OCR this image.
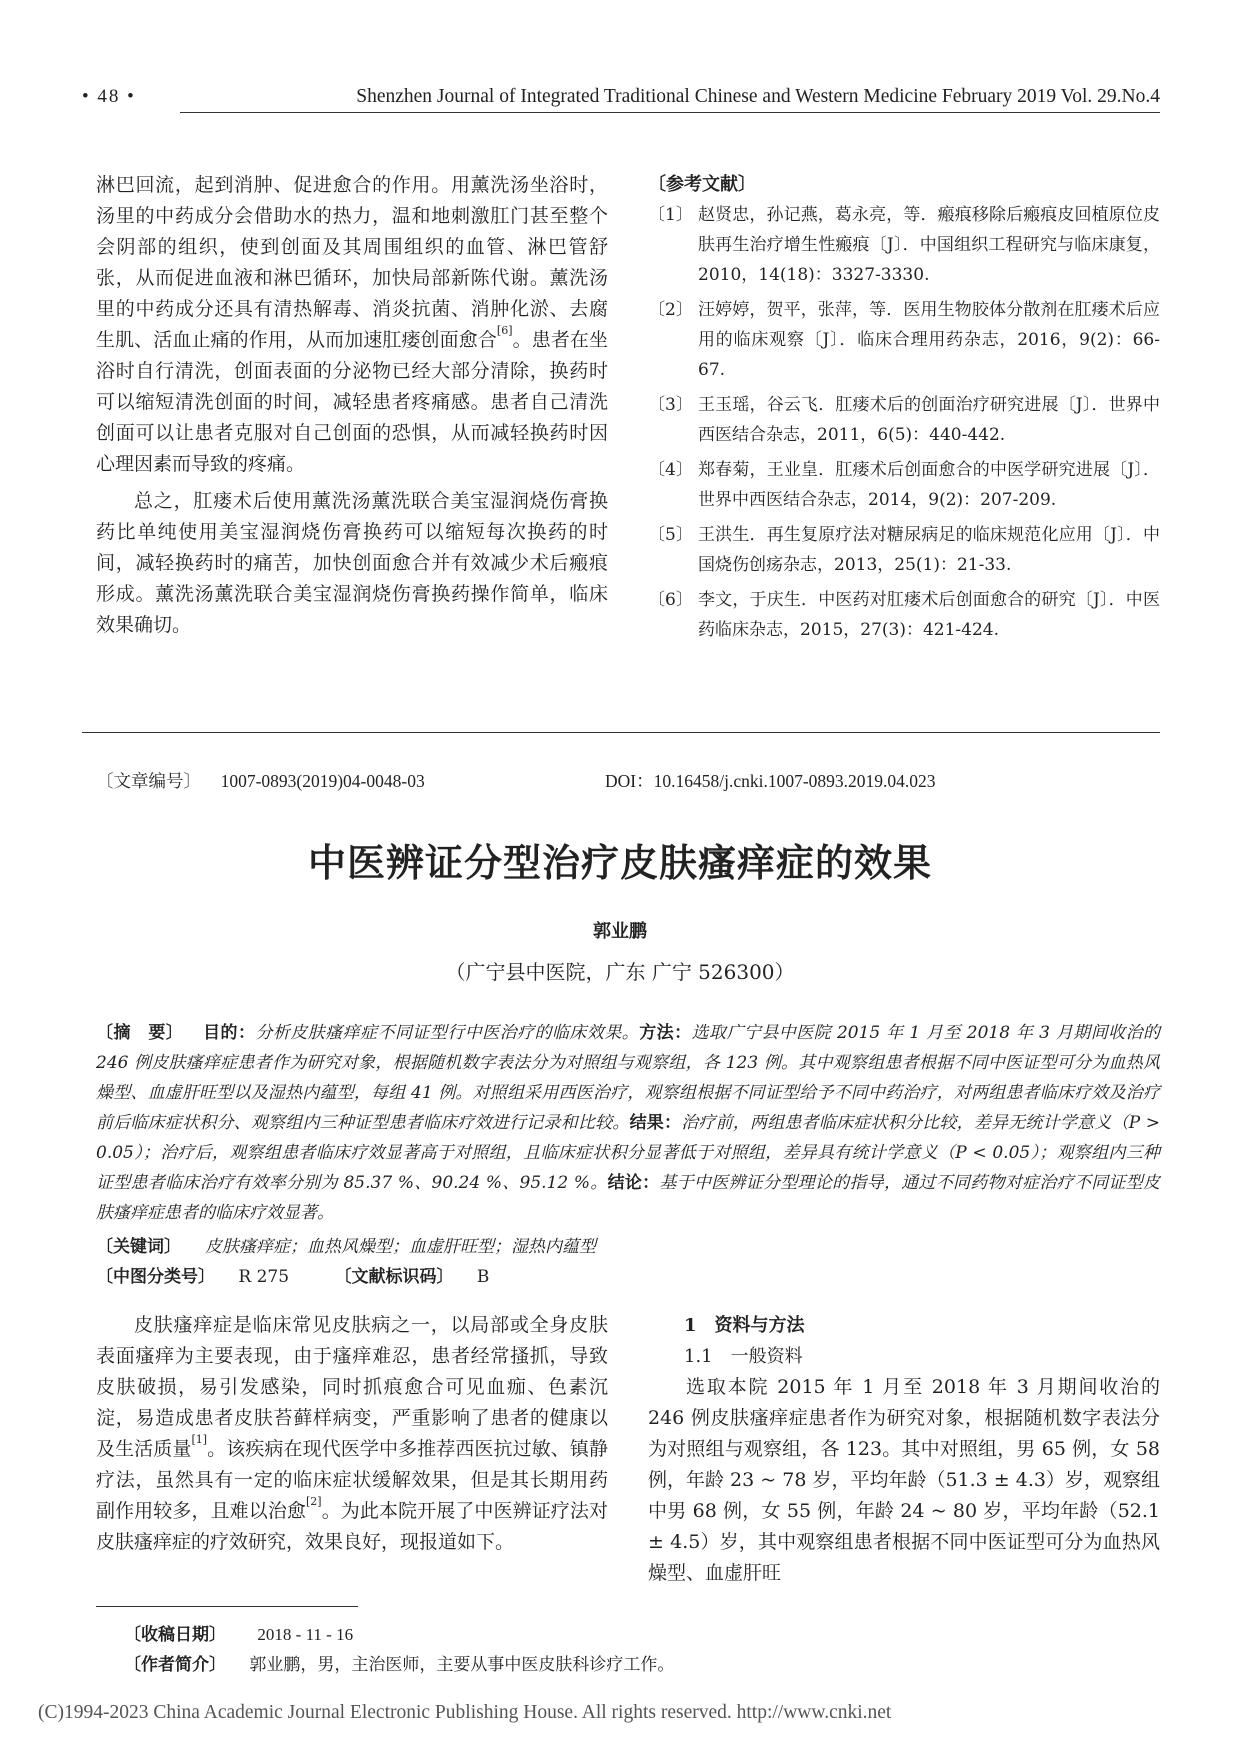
• 48 •	Shenzhen Journal of Integrated Traditional Chinese and Western Medicine February 2019 Vol. 29.No.4

淋巴回流，起到消肿、促进愈合的作用。用薰洗汤坐浴时，汤里的中药成分会借助水的热力，温和地刺激肛门甚至整个会阴部的组织，使到创面及其周围组织的血管、淋巴管舒张，从而促进血液和淋巴循环，加快局部新陈代谢。薰洗汤里的中药成分还具有清热解毒、消炎抗菌、消肿化淤、去腐生肌、活血止痛的作用，从而加速肛瘘创面愈合[6]。患者在坐浴时自行清洗，创面表面的分泌物已经大部分清除，换药时可以缩短清洗创面的时间，减轻患者疼痛感。患者自己清洗创面可以让患者克服对自己创面的恐惧，从而减轻换药时因心理因素而导致的疼痛。

总之，肛瘘术后使用薰洗汤薰洗联合美宝湿润烧伤膏换药比单纯使用美宝湿润烧伤膏换药可以缩短每次换药的时间，减轻换药时的痛苦，加快创面愈合并有效减少术后瘢痕形成。薰洗汤薰洗联合美宝湿润烧伤膏换药操作简单，临床效果确切。

〔参考文献〕
〔1〕 赵贤忠，孙记燕，葛永亮，等．瘢痕移除后瘢痕皮回植原位皮肤再生治疗增生性瘢痕〔J〕．中国组织工程研究与临床康复，2010，14(18)：3327-3330.
〔2〕 汪婷婷，贺平，张萍，等．医用生物胶体分散剂在肛瘘术后应用的临床观察〔J〕．临床合理用药杂志，2016，9(2)：66-67.
〔3〕 王玉瑶，谷云飞．肛瘘术后的创面治疗研究进展〔J〕．世界中西医结合杂志，2011，6(5)：440-442.
〔4〕 郑春菊，王业皇．肛瘘术后创面愈合的中医学研究进展〔J〕．世界中西医结合杂志，2014，9(2)：207-209.
〔5〕 王洪生．再生复原疗法对糖尿病足的临床规范化应用〔J〕．中国烧伤创疡杂志，2013，25(1)：21-33.
〔6〕 李文，于庆生．中医药对肛瘘术后创面愈合的研究〔J〕．中医药临床杂志，2015，27(3)：421-424.
〔文章编号〕 1007-0893(2019)04-0048-03	DOI：10.16458/j.cnki.1007-0893.2019.04.023
中医辨证分型治疗皮肤瘙痒症的效果
郭业鹏
（广宁县中医院，广东 广宁 526300）
〔摘　要〕 目的：分析皮肤瘙痒症不同证型行中医治疗的临床效果。方法：选取广宁县中医院 2015 年 1 月至 2018 年 3 月期间收治的 246 例皮肤瘙痒症患者作为研究对象，根据随机数字表法分为对照组与观察组，各 123 例。其中观察组患者根据不同中医证型可分为血热风燥型、血虚肝旺型以及湿热内蕴型，每组 41 例。对照组采用西医治疗，观察组根据不同证型给予不同中药治疗，对两组患者临床疗效及治疗前后临床症状积分、观察组内三种证型患者临床疗效进行记录和比较。结果：治疗前，两组患者临床症状积分比较，差异无统计学意义（P > 0.05）；治疗后，观察组患者临床疗效显著高于对照组，且临床症状积分显著低于对照组，差异具有统计学意义（P < 0.05）；观察组内三种证型患者临床治疗有效率分别为 85.37 %、90.24 %、95.12 %。结论：基于中医辨证分型理论的指导，通过不同药物对症治疗不同证型皮肤瘙痒症患者的临床疗效显著。
〔关键词〕 皮肤瘙痒症；血热风燥型；血虚肝旺型；湿热内蕴型
〔中图分类号〕 R 275	〔文献标识码〕 B

皮肤瘙痒症是临床常见皮肤病之一，以局部或全身皮肤表面瘙痒为主要表现，由于瘙痒难忍，患者经常搔抓，导致皮肤破损，易引发感染，同时抓痕愈合可见血痂、色素沉淀，易造成患者皮肤苔藓样病变，严重影响了患者的健康以及生活质量[1]。该疾病在现代医学中多推荐西医抗过敏、镇静疗法，虽然具有一定的临床症状缓解效果，但是其长期用药副作用较多，且难以治愈[2]。为此本院开展了中医辨证疗法对皮肤瘙痒症的疗效研究，效果良好，现报道如下。

1　资料与方法
1.1　一般资料

选取本院 2015 年 1 月至 2018 年 3 月期间收治的 246 例皮肤瘙痒症患者作为研究对象，根据随机数字表法分为对照组与观察组，各 123。其中对照组，男 65 例，女 58 例，年龄 23 ~ 78 岁，平均年龄（51.3 ± 4.3）岁，观察组中男 68 例，女 55 例，年龄 24 ~ 80 岁，平均年龄（52.1 ± 4.5）岁，其中观察组患者根据不同中医证型可分为血热风燥型、血虚肝旺

〔收稿日期〕 2018 - 11 - 16
〔作者简介〕 郭业鹏，男，主治医师，主要从事中医皮肤科诊疗工作。
(C)1994-2023 China Academic Journal Electronic Publishing House. All rights reserved. http://www.cnki.net
